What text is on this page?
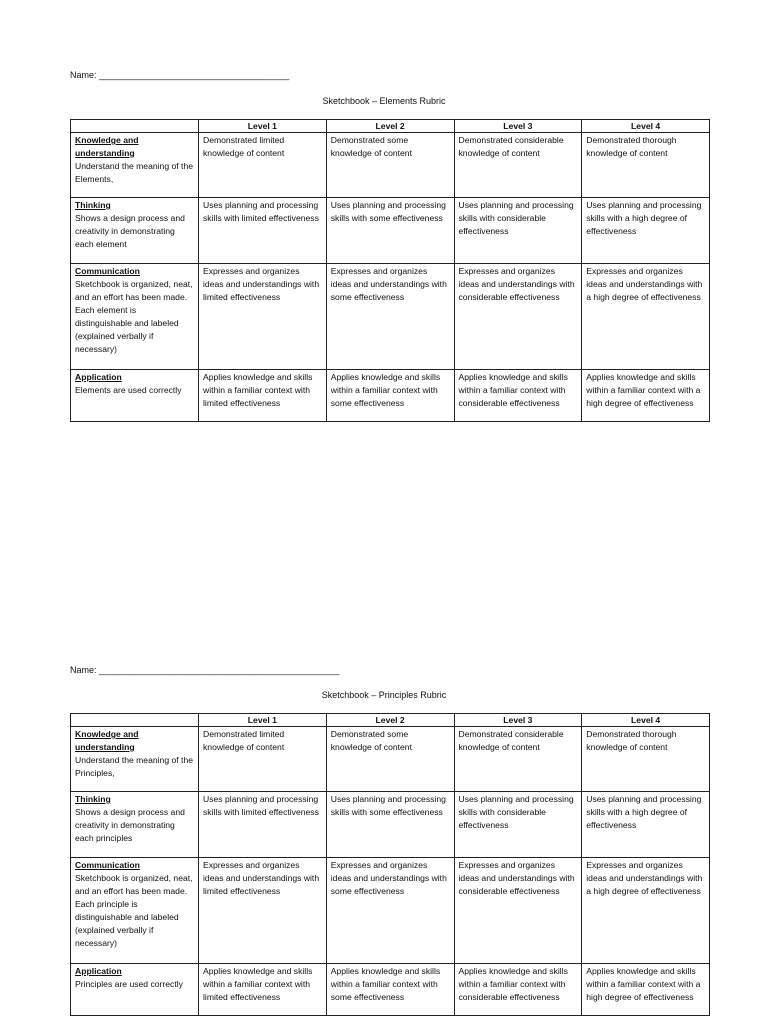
Name: ______________________________________
Sketchbook – Elements Rubric
	Level 1	Level 2	Level 3	Level 4

Knowledge and understanding
Understand the meaning of the Elements,	Demonstrated limited knowledge of content	Demonstrated some knowledge of content	Demonstrated considerable knowledge of content	Demonstrated thorough knowledge of content

Thinking
Shows a design process and creativity in demonstrating each element	Uses planning and processing skills with limited effectiveness	Uses planning and processing skills with some effectiveness	Uses planning and processing skills with considerable effectiveness	Uses planning and processing skills with a high degree of effectiveness

Communication
Sketchbook is organized, neat, and an effort has been made. Each element is distinguishable and labeled (explained verbally if necessary)	Expresses and organizes ideas and understandings with limited effectiveness	Expresses and organizes ideas and understandings with some effectiveness	Expresses and organizes ideas and understandings with considerable effectiveness	Expresses and organizes ideas and understandings with a high degree of effectiveness

Application
Elements are used correctly	Applies knowledge and skills within a familiar context with limited effectiveness	Applies knowledge and skills within a familiar context with some effectiveness	Applies knowledge and skills within a familiar context with considerable effectiveness	Applies knowledge and skills within a familiar context with a high degree of effectiveness
Name: ________________________________________________
Sketchbook – Principles Rubric
	Level 1	Level 2	Level 3	Level 4

Knowledge and understanding
Understand the meaning of the Principles,	Demonstrated limited knowledge of content	Demonstrated some knowledge of content	Demonstrated considerable knowledge of content	Demonstrated thorough knowledge of content

Thinking
Shows a design process and creativity in demonstrating each principles	Uses planning and processing skills with limited effectiveness	Uses planning and processing skills with some effectiveness	Uses planning and processing skills with considerable effectiveness	Uses planning and processing skills with a high degree of effectiveness

Communication
Sketchbook is organized, neat, and an effort has been made. Each principle is distinguishable and labeled (explained verbally if necessary)	Expresses and organizes ideas and understandings with limited effectiveness	Expresses and organizes ideas and understandings with some effectiveness	Expresses and organizes ideas and understandings with considerable effectiveness	Expresses and organizes ideas and understandings with a high degree of effectiveness

Application
Principles are used correctly	Applies knowledge and skills within a familiar context with limited effectiveness	Applies knowledge and skills within a familiar context with some effectiveness	Applies knowledge and skills within a familiar context with considerable effectiveness	Applies knowledge and skills within a familiar context with a high degree of effectiveness
